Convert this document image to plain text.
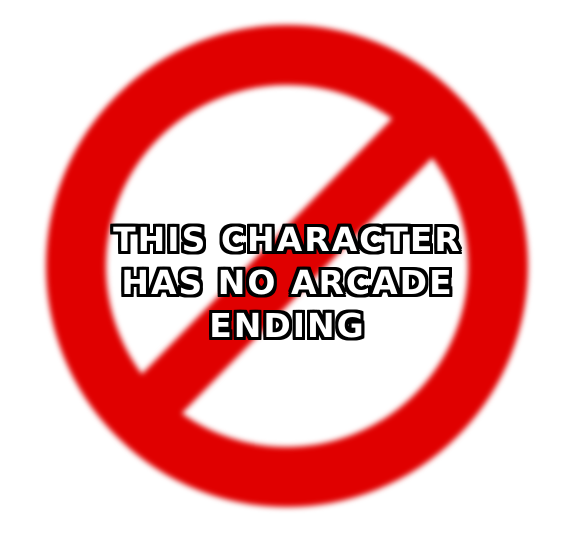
THIS CHARACTER
HAS NO ARCADE
ENDING
